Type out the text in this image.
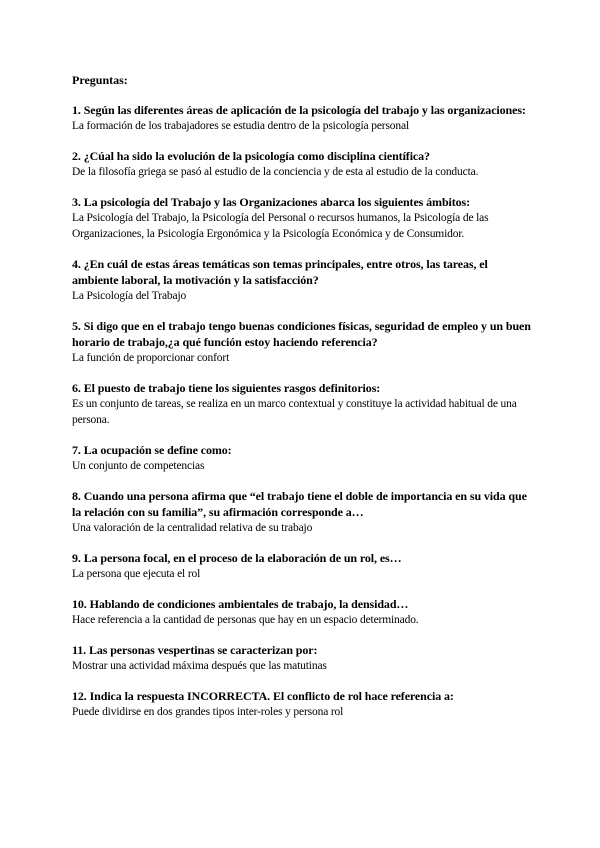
Preguntas:
1. Según las diferentes áreas de aplicación de la psicología del trabajo y las organizaciones:
La formación de los trabajadores se estudia dentro de la psicología personal
2. ¿Cúal ha sido la evolución de la psicología como disciplina científica?
De la filosofía griega se pasó al estudio de la conciencia y de esta al estudio de la conducta.
3. La psicología del Trabajo y las Organizaciones abarca los siguientes ámbitos:
La Psicología del Trabajo, la Psicología del Personal o recursos humanos, la Psicología de las Organizaciones, la Psicología Ergonómica y la Psicología Económica y de Consumidor.
4. ¿En cuál de estas áreas temáticas son temas principales, entre otros, las tareas, el ambiente laboral, la motivación y la satisfacción?
La Psicología del Trabajo
5. Si digo que en el trabajo tengo buenas condiciones físicas, seguridad de empleo y un buen horario de trabajo,¿a qué función estoy haciendo referencia?
La función de proporcionar confort
6. El puesto de trabajo tiene los siguientes rasgos definitorios:
Es un conjunto de tareas, se realiza en un marco contextual y constituye la actividad habitual de una persona.
7. La ocupación se define como:
Un conjunto de competencias
8. Cuando una persona afirma que “el trabajo tiene el doble de importancia en su vida que la relación con su familia”, su afirmación corresponde a…
Una valoración de la centralidad relativa de su trabajo
9. La persona focal, en el proceso de la elaboración de un rol, es…
La persona que ejecuta el rol
10. Hablando de condiciones ambientales de trabajo, la densidad…
Hace referencia a la cantidad de personas que hay en un espacio determinado.
11. Las personas vespertinas se caracterizan por:
Mostrar una actividad máxima después que las matutinas
12. Indica la respuesta INCORRECTA. El conflicto de rol hace referencia a:
Puede dividirse en dos grandes tipos inter-roles y persona rol
